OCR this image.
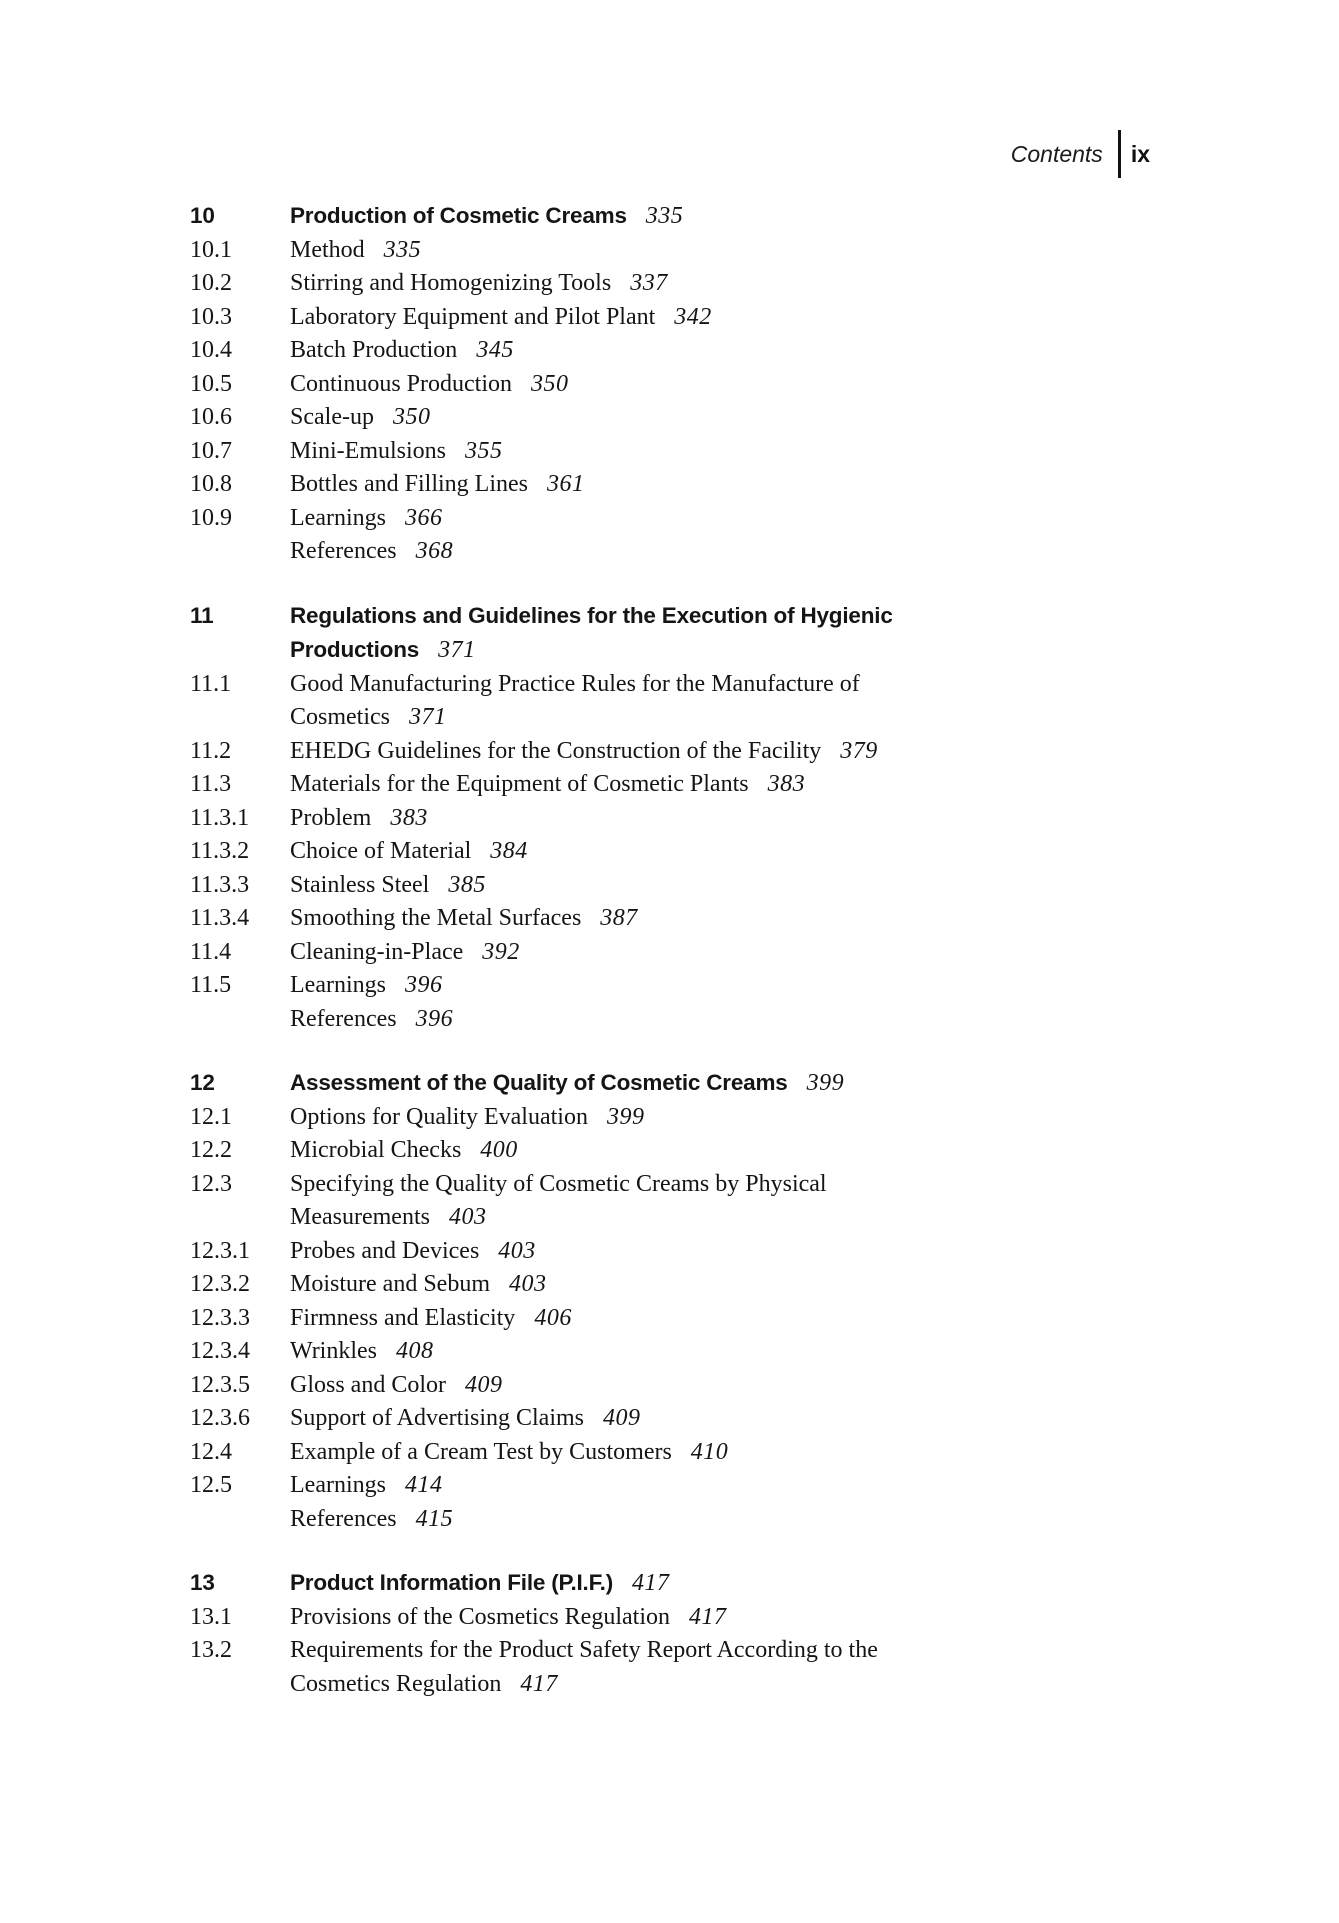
Contents	ix
10	Production of Cosmetic Creams 335
10.1	Method 335
10.2	Stirring and Homogenizing Tools 337
10.3	Laboratory Equipment and Pilot Plant 342
10.4	Batch Production 345
10.5	Continuous Production 350
10.6	Scale-up 350
10.7	Mini-Emulsions 355
10.8	Bottles and Filling Lines 361
10.9	Learnings 366
References 368
11	Regulations and Guidelines for the Execution of Hygienic
Productions 371
11.1	Good Manufacturing Practice Rules for the Manufacture of
Cosmetics 371
11.2	EHEDG Guidelines for the Construction of the Facility 379
11.3	Materials for the Equipment of Cosmetic Plants 383
11.3.1	Problem 383
11.3.2	Choice of Material 384
11.3.3	Stainless Steel 385
11.3.4	Smoothing the Metal Surfaces 387
11.4	Cleaning-in-Place 392
11.5	Learnings 396
References 396
12	Assessment of the Quality of Cosmetic Creams 399
12.1	Options for Quality Evaluation 399
12.2	Microbial Checks 400
12.3	Specifying the Quality of Cosmetic Creams by Physical
Measurements 403
12.3.1	Probes and Devices 403
12.3.2	Moisture and Sebum 403
12.3.3	Firmness and Elasticity 406
12.3.4	Wrinkles 408
12.3.5	Gloss and Color 409
12.3.6	Support of Advertising Claims 409
12.4	Example of a Cream Test by Customers 410
12.5	Learnings 414
References 415
13	Product Information File (P.I.F.) 417
13.1	Provisions of the Cosmetics Regulation 417
13.2	Requirements for the Product Safety Report According to the
Cosmetics Regulation 417
